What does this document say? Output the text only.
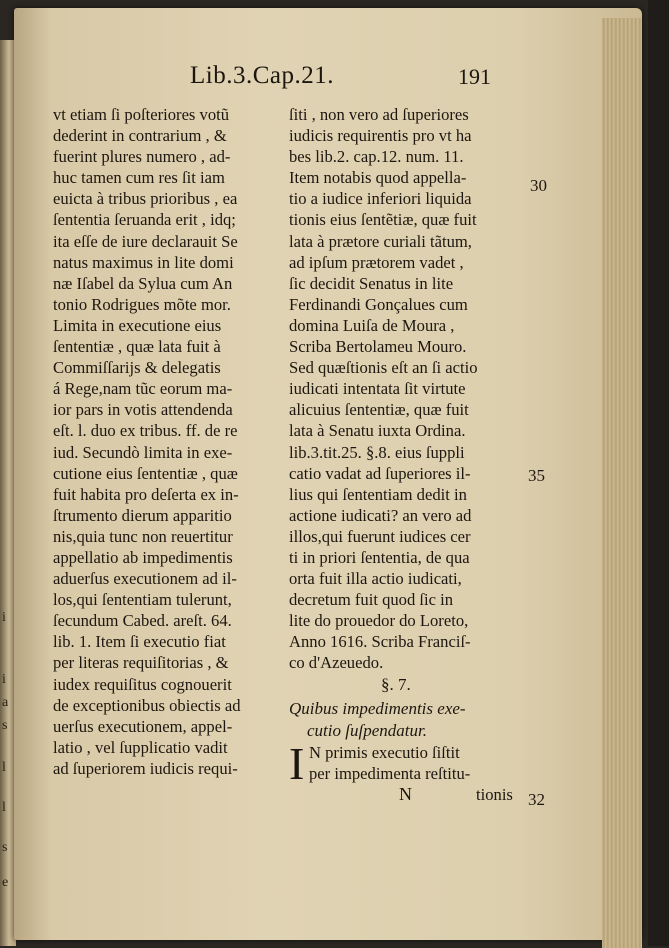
i
i
a
s
l
l
s
e
Lib.3.Cap.21.	191
vt etiam ſi poſteriores votũ
dederint in contrarium , &
fuerint plures numero , ad-
huc tamen cum res ſit iam
euicta à tribus prioribus , ea
ſententia ſeruanda erit , idq;
ita eſſe de iure declarauit Se
natus maximus in lite domi
næ Iſabel da Sylua cum An
tonio Rodrigues mõte mor.
Limita in executione eius
ſententiæ , quæ lata fuit à
Commiſſarijs & delegatis
á Rege,nam tũc eorum ma-
ior pars in votis attendenda
eſt. l. duo ex tribus. ff. de re
iud. Secundò limita in exe-
cutione eius ſententiæ , quæ
fuit habita pro deſerta ex in-
ſtrumento dierum apparitio
nis,quia tunc non reuertitur
appellatio ab impedimentis
aduerſus executionem ad il-
los,qui ſententiam tulerunt,
ſecundum Cabed. areſt. 64.
lib. 1. Item ſi executio fiat
per literas requiſitorias , &
iudex requiſitus cognouerit
de exceptionibus obiectis ad
uerſus executionem, appel-
latio , vel ſupplicatio vadit
ad ſuperiorem iudicis requi-
ſiti , non vero ad ſuperiores
iudicis requirentis pro vt ha
bes lib.2. cap.12. num. 11.
Item notabis quod appella-
tio a iudice inferiori liquida
tionis eius ſentẽtiæ, quæ fuit
lata à prætore curiali tãtum,
ad ipſum prætorem vadet ,
ſic decidit Senatus in lite
Ferdinandi Gonçalues cum
domina Luiſa de Moura ,
Scriba Bertolameu Mouro.
Sed quæſtionis eſt an ſi actio
iudicati intentata ſit virtute
alicuius ſententiæ, quæ fuit
lata à Senatu iuxta Ordina.
lib.3.tit.25. §.8. eius ſuppli
catio vadat ad ſuperiores il-
lius qui ſententiam dedit in
actione iudicati? an vero ad
illos,qui fuerunt iudices cer
ti in priori ſententia, de qua
orta fuit illa actio iudicati,
decretum fuit quod ſic in
lite do prouedor do Loreto,
Anno 1616. Scriba Franciſ-
co d'Azeuedo.
§. 7.
Quibus impedimentis exe-
cutio ſuſpendatur.
I N primis executio ſiſtit
per impedimenta reſtitu-
N	tionis
30
35
32
